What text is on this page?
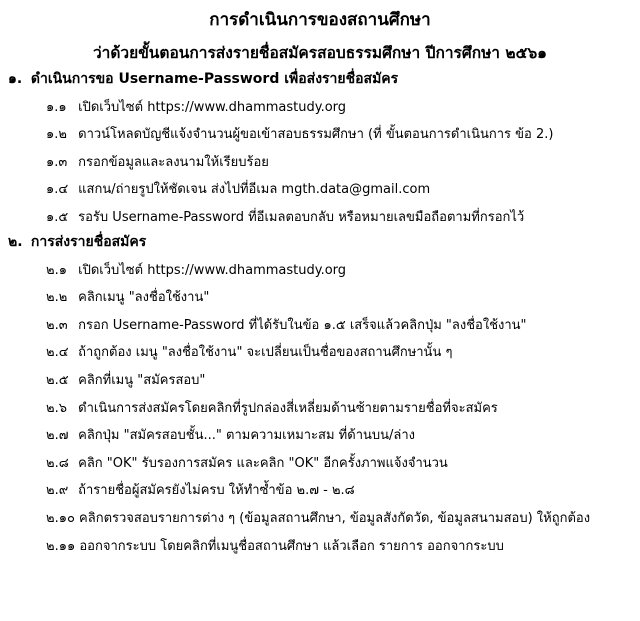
การดำเนินการของสถานศึกษา
ว่าด้วยขั้นตอนการส่งรายชื่อสมัครสอบธรรมศึกษา ปีการศึกษา ๒๕๖๑
๑. ดำเนินการขอ Username-Password เพื่อส่งรายชื่อสมัคร
๑.๑ เปิดเว็บไซต์ https://www.dhammastudy.org
๑.๒ ดาวน์โหลดบัญชีแจ้งจำนวนผู้ขอเข้าสอบธรรมศึกษา (ที่ ขั้นตอนการดำเนินการ ข้อ 2.)
๑.๓ กรอกข้อมูลและลงนามให้เรียบร้อย
๑.๔ แสกน/ถ่ายรูปให้ชัดเจน ส่งไปที่อีเมล mgth.data@gmail.com
๑.๕ รอรับ Username-Password ที่อีเมลตอบกลับ หรือหมายเลขมือถือตามที่กรอกไว้
๒. การส่งรายชื่อสมัคร
๒.๑ เปิดเว็บไซต์ https://www.dhammastudy.org
๒.๒ คลิกเมนู "ลงชื่อใช้งาน"
๒.๓ กรอก Username-Password ที่ได้รับในข้อ ๑.๕ เสร็จแล้วคลิกปุ่ม "ลงชื่อใช้งาน"
๒.๔ ถ้าถูกต้อง เมนู "ลงชื่อใช้งาน" จะเปลี่ยนเป็นชื่อของสถานศึกษานั้น ๆ
๒.๕ คลิกที่เมนู "สมัครสอบ"
๒.๖ ดำเนินการส่งสมัครโดยคลิกที่รูปกล่องสี่เหลี่ยมด้านซ้ายตามรายชื่อที่จะสมัคร
๒.๗ คลิกปุ่ม "สมัครสอบชั้น..." ตามความเหมาะสม ที่ด้านบน/ล่าง
๒.๘ คลิก "OK" รับรองการสมัคร และคลิก "OK" อีกครั้งภาพแจ้งจำนวน
๒.๙ ถ้ารายชื่อผู้สมัครยังไม่ครบ ให้ทำซ้ำข้อ ๒.๗ - ๒.๘
๒.๑๐ คลิกตรวจสอบรายการต่าง ๆ (ข้อมูลสถานศึกษา, ข้อมูลสังกัดวัด, ข้อมูลสนามสอบ) ให้ถูกต้อง
๒.๑๑ ออกจากระบบ โดยคลิกที่เมนูชื่อสถานศึกษา แล้วเลือก รายการ ออกจากระบบ
